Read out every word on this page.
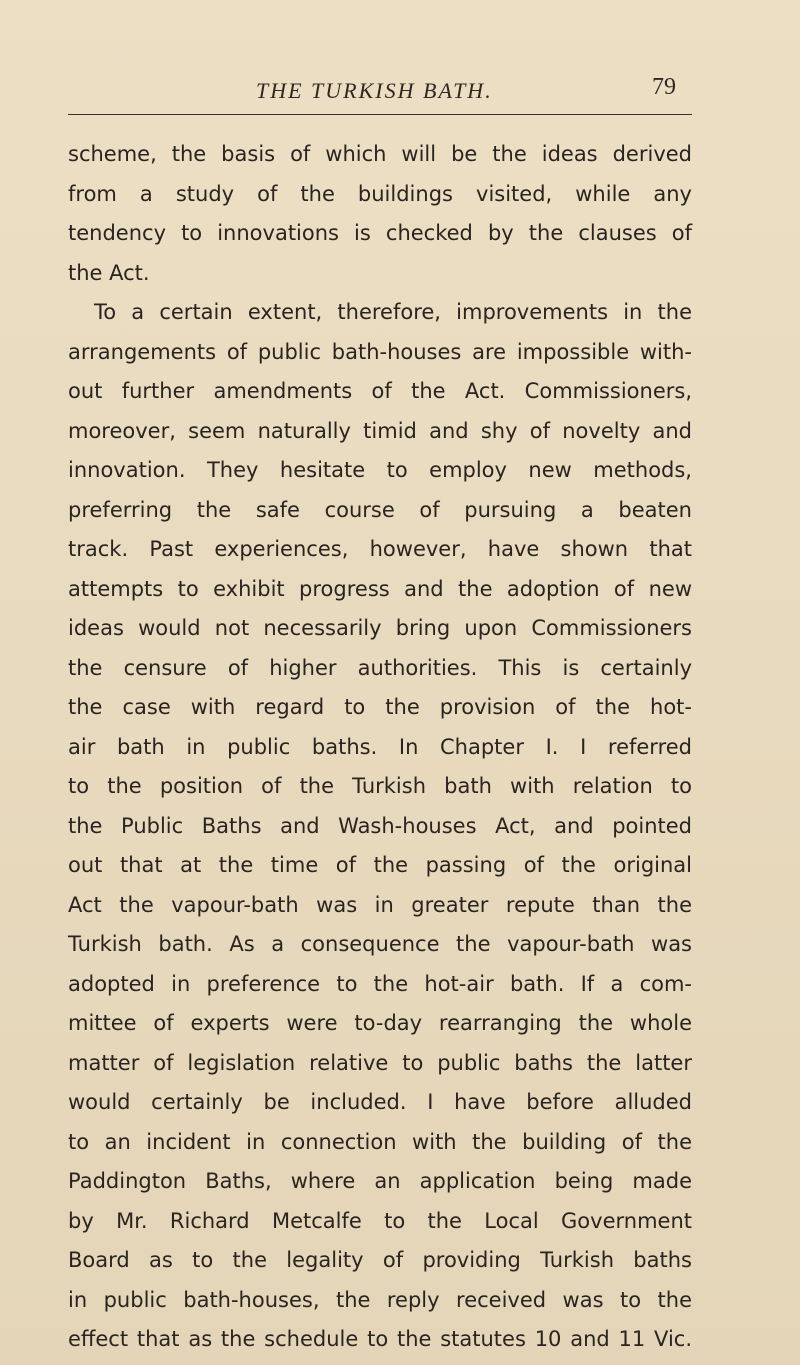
THE TURKISH BATH.	79
scheme, the basis of which will be the ideas derived
from a study of the buildings visited, while any
tendency to innovations is checked by the clauses of
the Act.
To a certain extent, therefore, improvements in the
arrangements of public bath-houses are impossible with-
out further amendments of the Act. Commissioners,
moreover, seem naturally timid and shy of novelty and
innovation. They hesitate to employ new methods,
preferring the safe course of pursuing a beaten
track. Past experiences, however, have shown that
attempts to exhibit progress and the adoption of new
ideas would not necessarily bring upon Commissioners
the censure of higher authorities. This is certainly
the case with regard to the provision of the hot-
air bath in public baths. In Chapter I. I referred
to the position of the Turkish bath with relation to
the Public Baths and Wash-houses Act, and pointed
out that at the time of the passing of the original
Act the vapour-bath was in greater repute than the
Turkish bath. As a consequence the vapour-bath was
adopted in preference to the hot-air bath. If a com-
mittee of experts were to-day rearranging the whole
matter of legislation relative to public baths the latter
would certainly be included. I have before alluded
to an incident in connection with the building of the
Paddington Baths, where an application being made
by Mr. Richard Metcalfe to the Local Government
Board as to the legality of providing Turkish baths
in public bath-houses, the reply received was to the
effect that as the schedule to the statutes 10 and 11 Vic.
